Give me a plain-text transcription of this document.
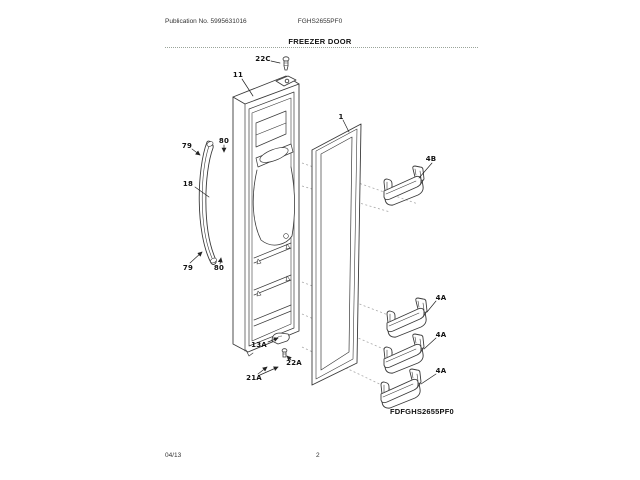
Publication No. 5995631016	FGHS2655PF0
FREEZER DOOR
22C
11
1
4B
79
80
18
79	80
13A
22A
21A
4A
4A
4A
FDFGHS2655PF0
04/13	2
